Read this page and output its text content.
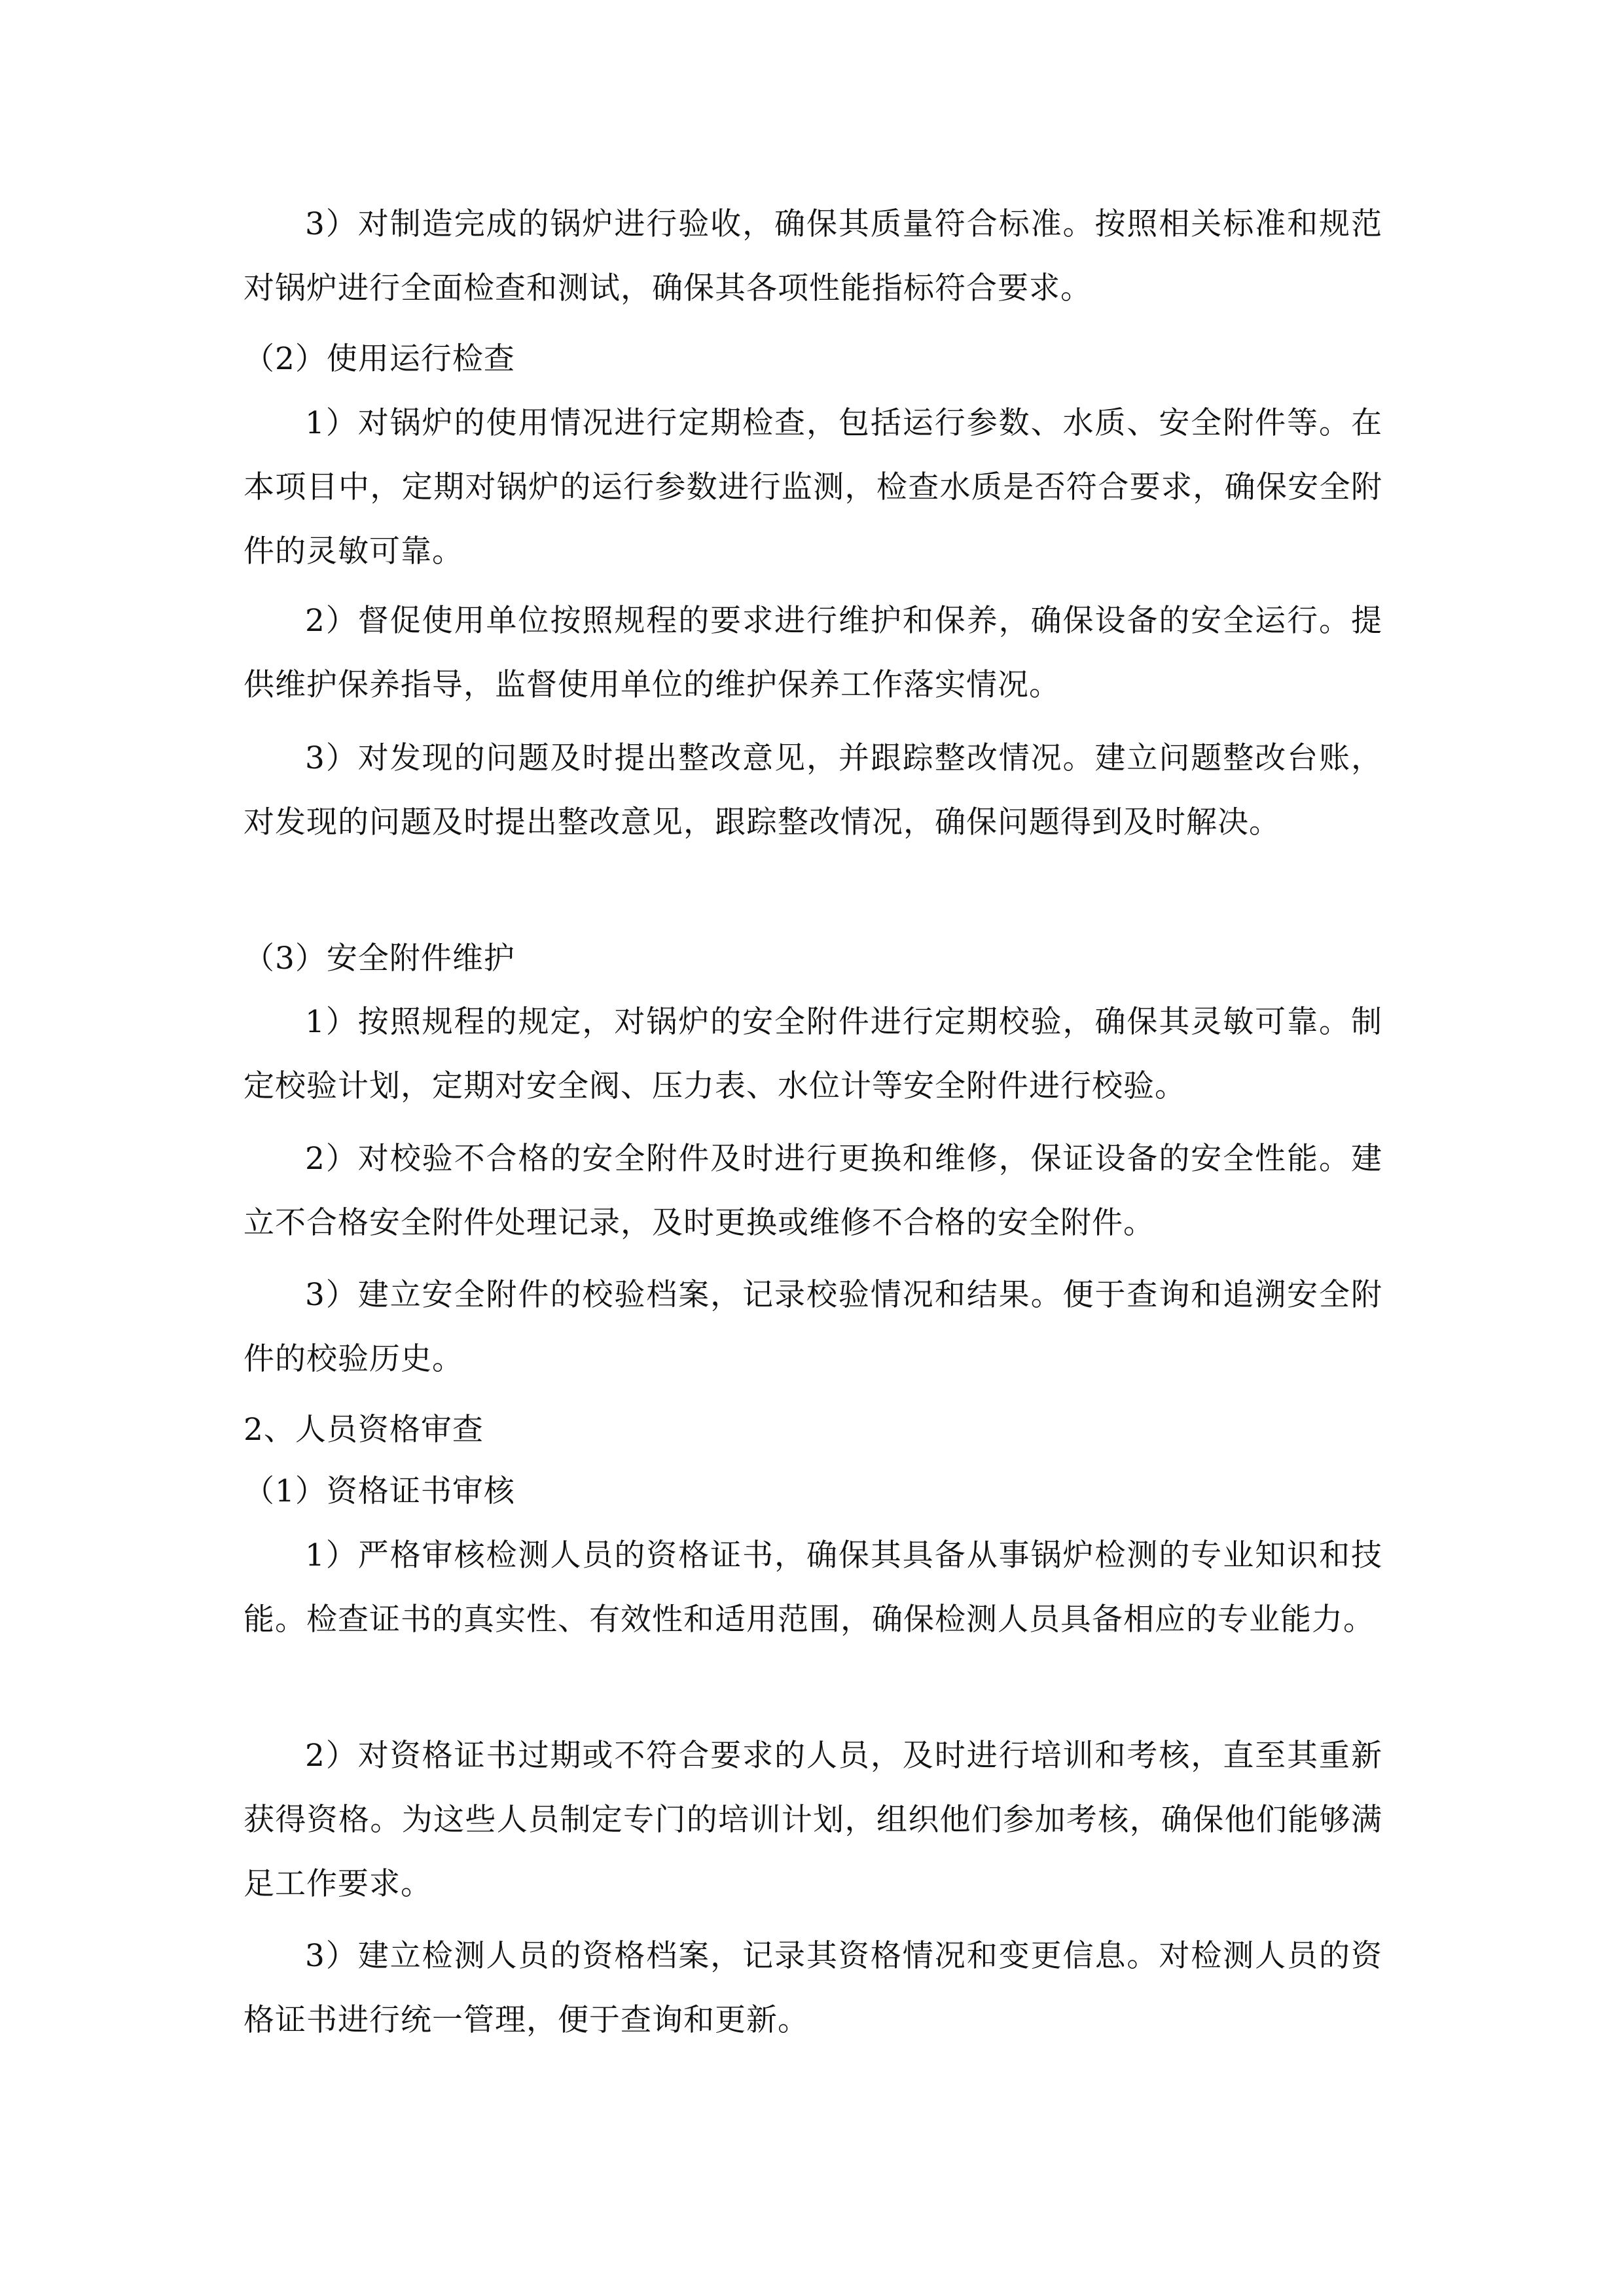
3）对制造完成的锅炉进行验收，确保其质量符合标准。按照相关标准和规范对锅炉进行全面检查和测试，确保其各项性能指标符合要求。

（2）使用运行检查

1）对锅炉的使用情况进行定期检查，包括运行参数、水质、安全附件等。在本项目中，定期对锅炉的运行参数进行监测，检查水质是否符合要求，确保安全附件的灵敏可靠。

2）督促使用单位按照规程的要求进行维护和保养，确保设备的安全运行。提供维护保养指导，监督使用单位的维护保养工作落实情况。

3）对发现的问题及时提出整改意见，并跟踪整改情况。建立问题整改台账，对发现的问题及时提出整改意见，跟踪整改情况，确保问题得到及时解决。

（3）安全附件维护

1）按照规程的规定，对锅炉的安全附件进行定期校验，确保其灵敏可靠。制定校验计划，定期对安全阀、压力表、水位计等安全附件进行校验。

2）对校验不合格的安全附件及时进行更换和维修，保证设备的安全性能。建立不合格安全附件处理记录，及时更换或维修不合格的安全附件。

3）建立安全附件的校验档案，记录校验情况和结果。便于查询和追溯安全附件的校验历史。

2、人员资格审查

（1）资格证书审核

1）严格审核检测人员的资格证书，确保其具备从事锅炉检测的专业知识和技能。检查证书的真实性、有效性和适用范围，确保检测人员具备相应的专业能力。

2）对资格证书过期或不符合要求的人员，及时进行培训和考核，直至其重新获得资格。为这些人员制定专门的培训计划，组织他们参加考核，确保他们能够满足工作要求。

3）建立检测人员的资格档案，记录其资格情况和变更信息。对检测人员的资格证书进行统一管理，便于查询和更新。
